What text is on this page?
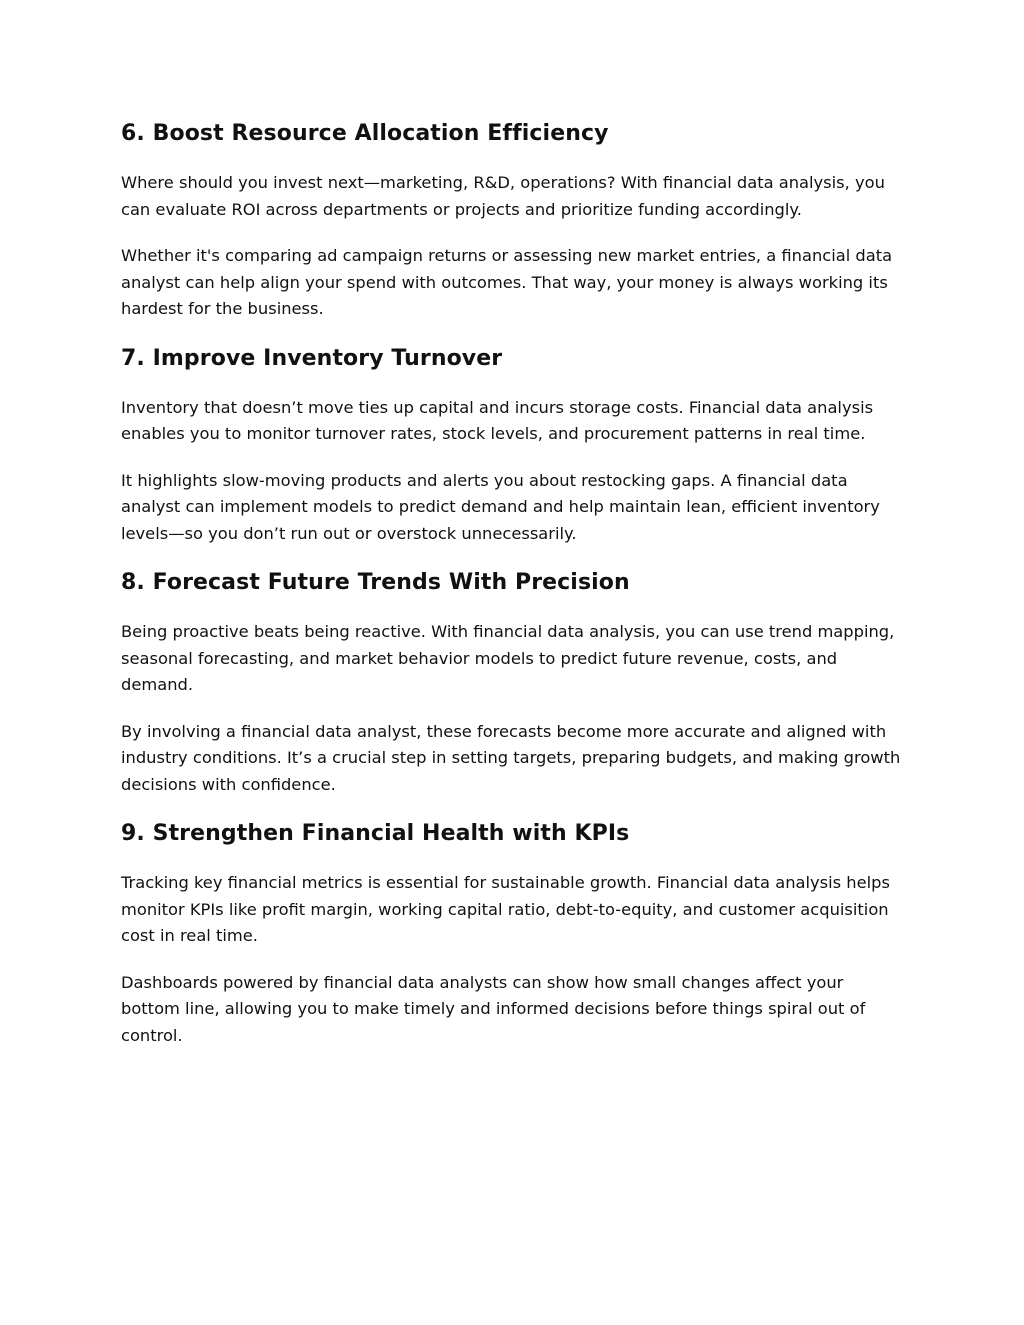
6. Boost Resource Allocation Efficiency

Where should you invest next—marketing, R&D, operations? With financial data analysis, you can evaluate ROI across departments or projects and prioritize funding accordingly.

Whether it's comparing ad campaign returns or assessing new market entries, a financial data analyst can help align your spend with outcomes. That way, your money is always working its hardest for the business.

7. Improve Inventory Turnover

Inventory that doesn’t move ties up capital and incurs storage costs. Financial data analysis enables you to monitor turnover rates, stock levels, and procurement patterns in real time.

It highlights slow-moving products and alerts you about restocking gaps. A financial data analyst can implement models to predict demand and help maintain lean, efficient inventory levels—so you don’t run out or overstock unnecessarily.

8. Forecast Future Trends With Precision

Being proactive beats being reactive. With financial data analysis, you can use trend mapping, seasonal forecasting, and market behavior models to predict future revenue, costs, and demand.

By involving a financial data analyst, these forecasts become more accurate and aligned with industry conditions. It’s a crucial step in setting targets, preparing budgets, and making growth decisions with confidence.

9. Strengthen Financial Health with KPIs

Tracking key financial metrics is essential for sustainable growth. Financial data analysis helps monitor KPIs like profit margin, working capital ratio, debt-to-equity, and customer acquisition cost in real time.

Dashboards powered by financial data analysts can show how small changes affect your bottom line, allowing you to make timely and informed decisions before things spiral out of control.
